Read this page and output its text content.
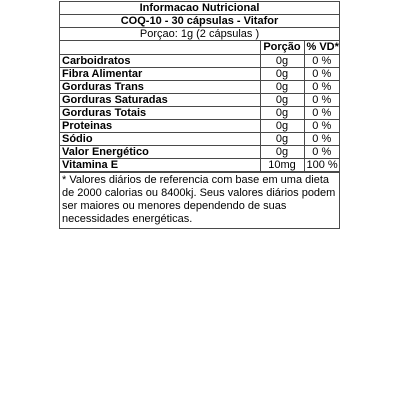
Informacao Nutricional
COQ-10 - 30 cápsulas - Vitafor
Porçao: 1g (2 cápsulas )
	Porção	% VD*
Carboidratos	0g	0 %
Fibra Alimentar	0g	0 %
Gorduras Trans	0g	0 %
Gorduras Saturadas	0g	0 %
Gorduras Totais	0g	0 %
Proteinas	0g	0 %
Sódio	0g	0 %
Valor Energético	0g	0 %
Vitamina E	10mg	100 %
* Valores diários de referencia com base em uma dieta de 2000 calorias ou 8400kj. Seus valores diários podem ser maiores ou menores dependendo de suas necessidades energéticas.
